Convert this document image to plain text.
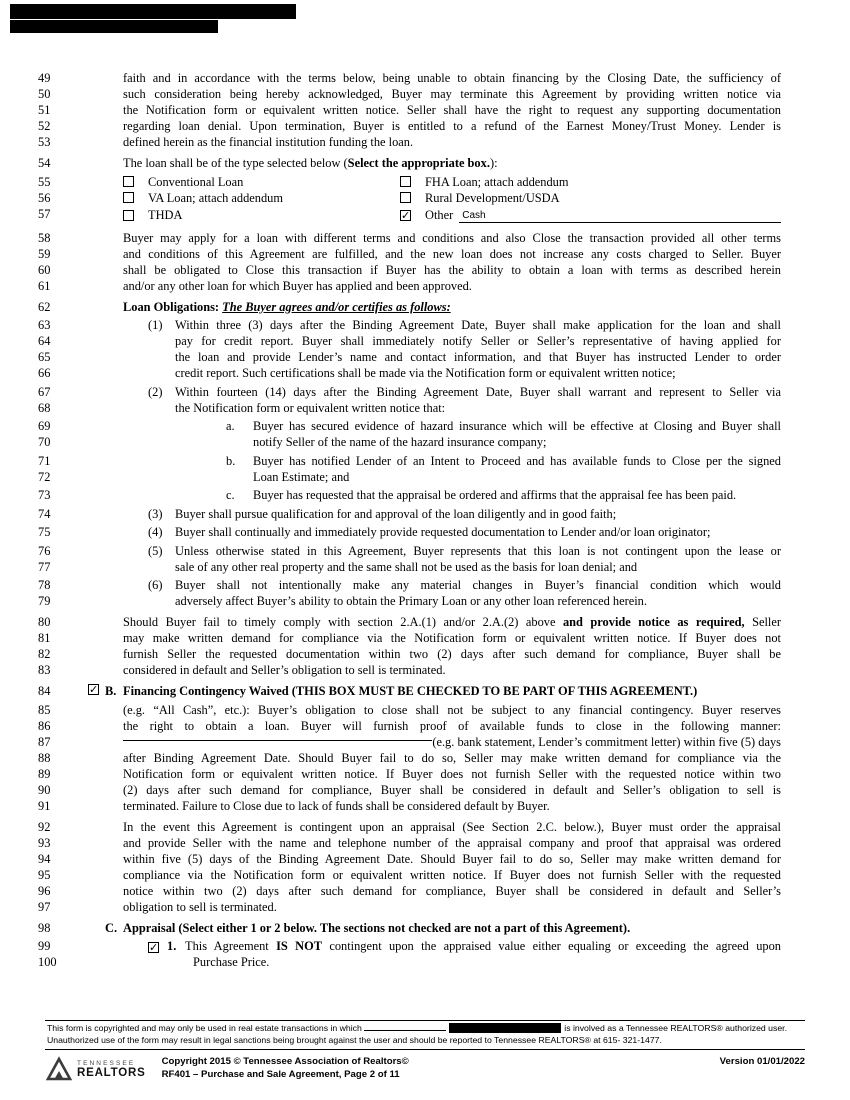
49	faith and in accordance with the terms below, being unable to obtain financing by the Closing Date, the sufficiency of
50	such consideration being hereby acknowledged, Buyer may terminate this Agreement by providing written notice via
51	the Notification form or equivalent written notice. Seller shall have the right to request any supporting documentation
52	regarding loan denial. Upon termination, Buyer is entitled to a refund of the Earnest Money/Trust Money. Lender is
53	defined herein as the financial institution funding the loan.
54	The loan shall be of the type selected below (Select the appropriate box.):
55	Conventional Loan	FHA Loan; attach addendum
56	VA Loan; attach addendum	Rural Development/USDA
57	THDA	✓ Other Cash
58	Buyer may apply for a loan with different terms and conditions and also Close the transaction provided all other terms
59	and conditions of this Agreement are fulfilled, and the new loan does not increase any costs charged to Seller. Buyer
60	shall be obligated to Close this transaction if Buyer has the ability to obtain a loan with terms as described herein
61	and/or any other loan for which Buyer has applied and been approved.
62	Loan Obligations: The Buyer agrees and/or certifies as follows:
63	(1) Within three (3) days after the Binding Agreement Date, Buyer shall make application for the loan and shall
64	pay for credit report. Buyer shall immediately notify Seller or Seller’s representative of having applied for
65	the loan and provide Lender’s name and contact information, and that Buyer has instructed Lender to order
66	credit report. Such certifications shall be made via the Notification form or equivalent written notice;
67	(2) Within fourteen (14) days after the Binding Agreement Date, Buyer shall warrant and represent to Seller via
68	the Notification form or equivalent written notice that:
69	a. Buyer has secured evidence of hazard insurance which will be effective at Closing and Buyer shall
70	notify Seller of the name of the hazard insurance company;
71	b. Buyer has notified Lender of an Intent to Proceed and has available funds to Close per the signed
72	Loan Estimate; and
73	c. Buyer has requested that the appraisal be ordered and affirms that the appraisal fee has been paid.
74	(3) Buyer shall pursue qualification for and approval of the loan diligently and in good faith;
75	(4) Buyer shall continually and immediately provide requested documentation to Lender and/or loan originator;
76	(5) Unless otherwise stated in this Agreement, Buyer represents that this loan is not contingent upon the lease or
77	sale of any other real property and the same shall not be used as the basis for loan denial; and
78	(6) Buyer shall not intentionally make any material changes in Buyer’s financial condition which would
79	adversely affect Buyer’s ability to obtain the Primary Loan or any other loan referenced herein.
80	Should Buyer fail to timely comply with section 2.A.(1) and/or 2.A.(2) above and provide notice as required, Seller
81	may make written demand for compliance via the Notification form or equivalent written notice. If Buyer does not
82	furnish Seller the requested documentation within two (2) days after such demand for compliance, Buyer shall be
83	considered in default and Seller’s obligation to sell is terminated.
84	✓ B. Financing Contingency Waived (THIS BOX MUST BE CHECKED TO BE PART OF THIS AGREEMENT.)
85	(e.g. “All Cash”, etc.): Buyer’s obligation to close shall not be subject to any financial contingency. Buyer reserves
86	the right to obtain a loan. Buyer will furnish proof of available funds to close in the following manner:
87	(e.g. bank statement, Lender’s commitment letter) within five (5) days
88	after Binding Agreement Date. Should Buyer fail to do so, Seller may make written demand for compliance via the
89	Notification form or equivalent written notice. If Buyer does not furnish Seller with the requested notice within two
90	(2) days after such demand for compliance, Buyer shall be considered in default and Seller’s obligation to sell is
91	terminated. Failure to Close due to lack of funds shall be considered default by Buyer.
92	In the event this Agreement is contingent upon an appraisal (See Section 2.C. below.), Buyer must order the appraisal
93	and provide Seller with the name and telephone number of the appraisal company and proof that appraisal was ordered
94	within five (5) days of the Binding Agreement Date. Should Buyer fail to do so, Seller may make written demand for
95	compliance via the Notification form or equivalent written notice. If Buyer does not furnish Seller with the requested
96	notice within two (2) days after such demand for compliance, Buyer shall be considered in default and Seller’s
97	obligation to sell is terminated.
98	C. Appraisal (Select either 1 or 2 below. The sections not checked are not a part of this Agreement).
99	✓ 1. This Agreement IS NOT contingent upon the appraised value either equaling or exceeding the agreed upon
100	Purchase Price.
This form is copyrighted and may only be used in real estate transactions in which	is involved as a Tennessee REALTORS® authorized user. Unauthorized use of the form may result in legal sanctions being brought against the user and should be reported to Tennessee REALTORS® at 615- 321-1477.
TENNESSEE
REALTORS
Copyright 2015 © Tennessee Association of Realtors©
RF401 – Purchase and Sale Agreement, Page 2 of 11
Version 01/01/2022
